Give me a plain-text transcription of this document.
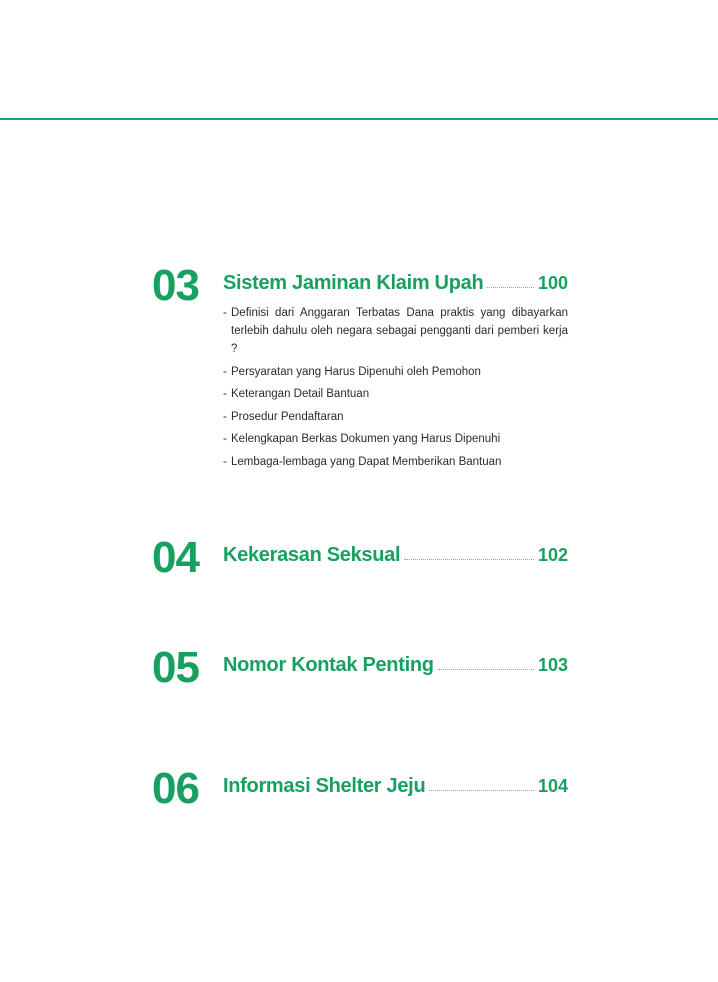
03 Sistem Jaminan Klaim Upah	100
- Definisi dari Anggaran Terbatas Dana praktis yang dibayarkan terlebih dahulu oleh negara sebagai pengganti dari pemberi kerja ?
- Persyaratan yang Harus Dipenuhi oleh Pemohon
- Keterangan Detail Bantuan
- Prosedur Pendaftaran
- Kelengkapan Berkas Dokumen yang Harus Dipenuhi
- Lembaga-lembaga yang Dapat Memberikan Bantuan
04 Kekerasan Seksual	102
05 Nomor Kontak Penting	103
06 Informasi Shelter Jeju	104
